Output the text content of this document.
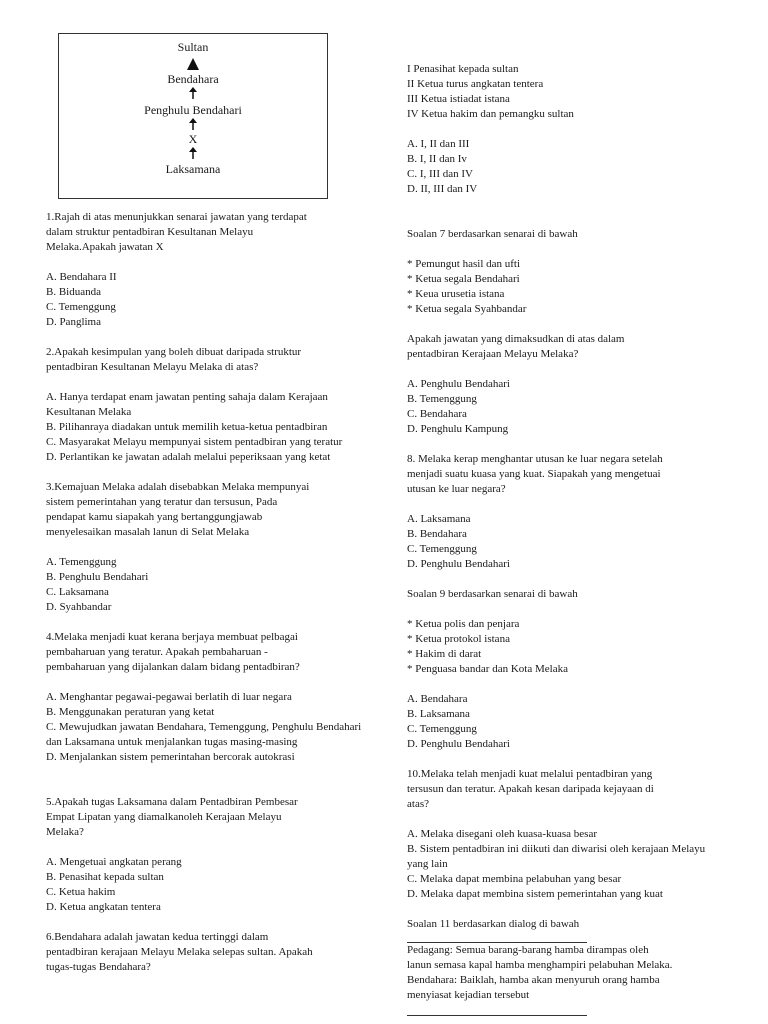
Sultan
Bendahara
Penghulu Bendahari
X
Laksamana

1.Rajah di atas menunjukkan senarai jawatan yang terdapat

dalam struktur pentadbiran Kesultanan Melayu

Melaka.Apakah jawatan X

A. Bendahara II

B. Biduanda

C. Temenggung

D. Panglima

2.Apakah kesimpulan yang boleh dibuat daripada struktur

pentadbiran Kesultanan Melayu Melaka di atas?

A. Hanya terdapat enam jawatan penting sahaja dalam Kerajaan Kesultanan Melaka

B. Pilihanraya diadakan untuk memilih ketua-ketua pentadbiran

C. Masyarakat Melayu mempunyai sistem pentadbiran yang teratur

D. Perlantikan ke jawatan adalah melalui peperiksaan yang ketat

3.Kemajuan Melaka adalah disebabkan Melaka mempunyai

sistem pemerintahan yang teratur dan tersusun, Pada

pendapat kamu siapakah yang bertanggungjawab

menyelesaikan masalah lanun di Selat Melaka

A. Temenggung

B. Penghulu Bendahari

C. Laksamana

D. Syahbandar

4.Melaka menjadi kuat kerana berjaya membuat pelbagai

pembaharuan yang teratur. Apakah pembaharuan -

pembaharuan yang dijalankan dalam bidang pentadbiran?

A. Menghantar pegawai-pegawai berlatih di luar negara

B. Menggunakan peraturan yang ketat

C. Mewujudkan jawatan Bendahara, Temenggung, Penghulu Bendahari dan Laksamana untuk menjalankan tugas masing-masing

D. Menjalankan sistem pemerintahan bercorak autokrasi

5.Apakah tugas Laksamana dalam Pentadbiran Pembesar

Empat Lipatan yang diamalkanoleh Kerajaan Melayu

Melaka?

A. Mengetuai angkatan perang

B. Penasihat kepada sultan

C. Ketua hakim

D. Ketua angkatan tentera

6.Bendahara adalah jawatan kedua tertinggi dalam

pentadbiran kerajaan Melayu Melaka selepas sultan. Apakah

tugas-tugas Bendahara?

I Penasihat kepada sultan

II Ketua turus angkatan tentera

III Ketua istiadat istana

IV Ketua hakim dan pemangku sultan

A. I, II dan III

B. I, II dan Iv

C. I, III dan IV

D. II, III dan IV

Soalan 7 berdasarkan senarai di bawah

* Pemungut hasil dan ufti

* Ketua segala Bendahari

* Keua urusetia istana

* Ketua segala Syahbandar

Apakah jawatan yang dimaksudkan di atas dalam

pentadbiran Kerajaan Melayu Melaka?

A. Penghulu Bendahari

B. Temenggung

C. Bendahara

D. Penghulu Kampung

8. Melaka kerap menghantar utusan ke luar negara setelah

menjadi suatu kuasa yang kuat. Siapakah yang mengetuai

utusan ke luar negara?

A. Laksamana

B. Bendahara

C. Temenggung

D. Penghulu Bendahari

Soalan 9 berdasarkan senarai di bawah

* Ketua polis dan penjara

* Ketua protokol istana

* Hakim di darat

* Penguasa bandar dan Kota Melaka

A. Bendahara

B. Laksamana

C. Temenggung

D. Penghulu Bendahari

10.Melaka telah menjadi kuat melalui pentadbiran yang

tersusun dan teratur. Apakah kesan daripada kejayaan di

atas?

A. Melaka disegani oleh kuasa-kuasa besar

B. Sistem pentadbiran ini diikuti dan diwarisi oleh kerajaan Melayu yang lain

C. Melaka dapat membina pelabuhan yang besar

D. Melaka dapat membina sistem pemerintahan yang kuat

Soalan 11 berdasarkan dialog di bawah

Pedagang: Semua barang-barang hamba dirampas oleh

lanun semasa kapal hamba menghampiri pelabuhan Melaka.

Bendahara: Baiklah, hamba akan menyuruh orang hamba

menyiasat kejadian tersebut
